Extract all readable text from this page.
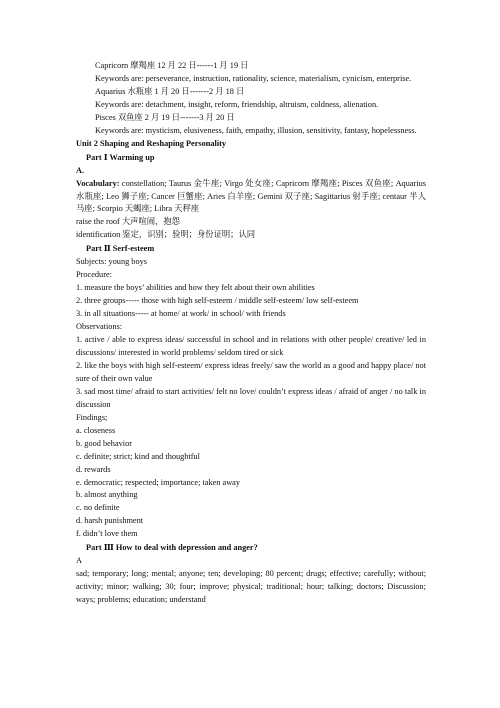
Capricorn 摩羯座 12 月 22 日------1 月 19 日

Keywords are: perseverance, instruction, rationality, science, materialism, cynicism, enterprise.

Aquarius 水瓶座 1 月 20 日-------2 月 18 日

Keywords are: detachment, insight, reform, friendship, altruism, coldness, alienation.

Pisces 双鱼座 2 月 19 日-------3 月 20 日

Keywords are: mysticism, elusiveness, faith, empathy, illusion, sensitivity, fantasy, hopelessness.

Unit 2 Shaping and Reshaping Personality

Part Ⅰ Warming up

A.

Vocabulary: constellation; Taurus 金牛座; Virgo 处女座; Capricorn 摩羯座; Pisces 双鱼座; Aquarius 水瓶座; Leo 狮子座; Cancer 巨蟹座; Aries 白羊座; Gemini 双子座; Sagittarius 射手座; centaur 半人马座; Scorpio 天蝎座; Libra 天秤座

raise the roof 大声喧闹，抱怨

identification 鉴定，识别；验明；身份证明；认同

Part Ⅱ Serf-esteem

Subjects: young boys

Procedure:

1. measure the boys’ abilities and how they felt about their own abilities

2. three groups----- those with high self-esteem / middle self-esteem/ low self-esteem

3. in all situations----- at home/ at work/ in school/ with friends

Observations:

1. active / able to express ideas/ successful in school and in relations with other people/ creative/ led in discussions/ interested in world problems/ seldom tired or sick

2. like the boys with high self-esteem/ express ideas freely/ saw the world as a good and happy place/ not sure of their own value

3. sad most time/ afraid to start activities/ felt no love/ couldn’t express ideas / afraid of anger / no talk in discussion

Findings;

a. closeness

b. good behavior

c. definite; strict; kind and thoughtful

d. rewards

e. democratic; respected; importance; taken away

b. almost anything

c. no definite

d. harsh punishment

f. didn’t love them

Part Ⅲ How to deal with depression and anger?

A

sad; temporary; long; mental; anyone; ten; developing; 80 percent; drugs; effective; carefully; without; activity; minor; walking; 30; four; improve; physical; traditional; hour; talking; doctors; Discussion; ways; problems; education; understand
